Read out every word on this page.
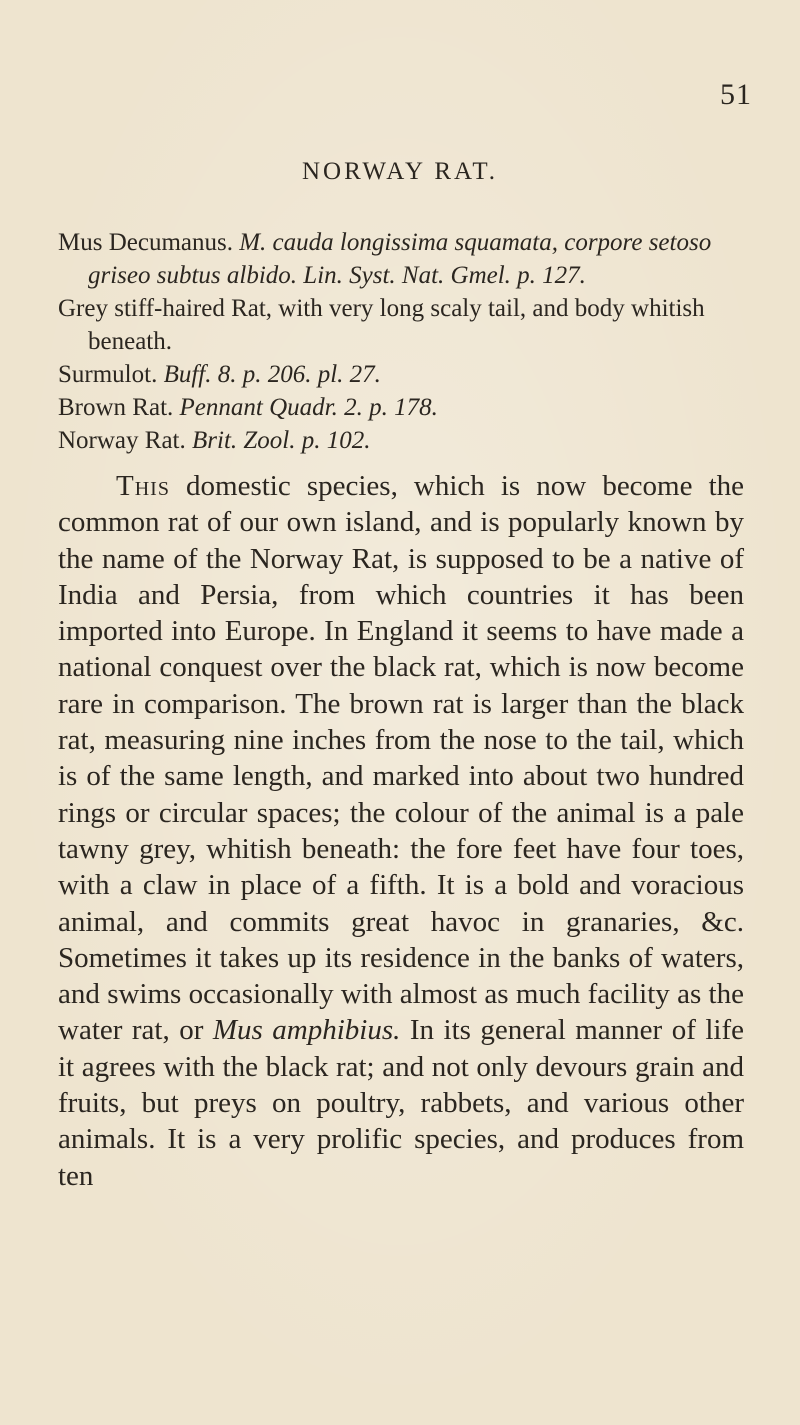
51
NORWAY RAT.
Mus Decumanus. M. cauda longissima squamata, corpore setoso griseo subtus albido. Lin. Syst. Nat. Gmel. p. 127.
Grey stiff-haired Rat, with very long scaly tail, and body whitish beneath.
Surmulot. Buff. 8. p. 206. pl. 27.
Brown Rat. Pennant Quadr. 2. p. 178.
Norway Rat. Brit. Zool. p. 102.

This domestic species, which is now become the common rat of our own island, and is popularly known by the name of the Norway Rat, is supposed to be a native of India and Persia, from which countries it has been imported into Europe. In England it seems to have made a national conquest over the black rat, which is now become rare in comparison. The brown rat is larger than the black rat, measuring nine inches from the nose to the tail, which is of the same length, and marked into about two hundred rings or circular spaces; the colour of the animal is a pale tawny grey, whitish beneath: the fore feet have four toes, with a claw in place of a fifth. It is a bold and voracious animal, and commits great havoc in granaries, &c. Sometimes it takes up its residence in the banks of waters, and swims occasionally with almost as much facility as the water rat, or Mus amphibius. In its general manner of life it agrees with the black rat; and not only devours grain and fruits, but preys on poultry, rabbets, and various other animals. It is a very prolific species, and produces from ten
